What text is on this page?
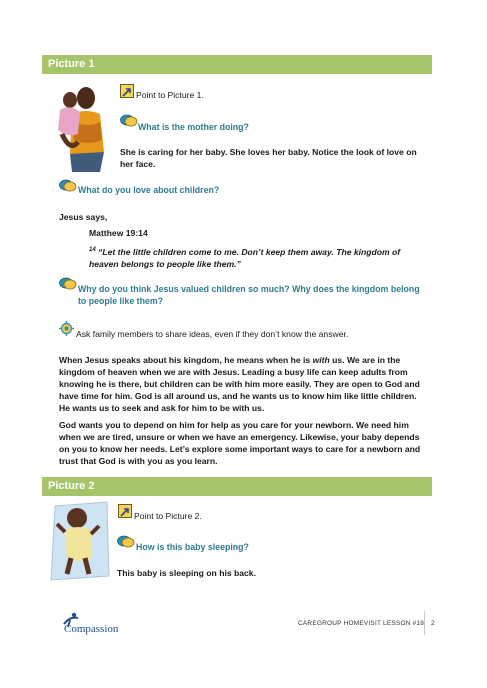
Picture 1
Point to Picture 1.
What is the mother doing?
She is caring for her baby. She loves her baby. Notice the look of love on her face.
What do you love about children?
Jesus says,
Matthew 19:14
$^{14}$ “Let the little children come to me. Don’t keep them away. The kingdom of heaven belongs to people like them.”
Why do you think Jesus valued children so much? Why does the kingdom belong to people like them?
Ask family members to share ideas, even if they don’t know the answer.
When Jesus speaks about his kingdom, he means when he is with us. We are in the kingdom of heaven when we are with Jesus. Leading a busy life can keep adults from knowing he is there, but children can be with him more easily. They are open to God and have time for him. God is all around us, and he wants us to know him like little children. He wants us to seek and ask for him to be with us.
God wants you to depend on him for help as you care for your newborn. We need him when we are tired, unsure or when we have an emergency. Likewise, your baby depends on you to know her needs. Let’s explore some important ways to care for a newborn and trust that God is with you as you learn.
Picture 2
Point to Picture 2.
How is this baby sleeping?
This baby is sleeping on his back.
Compassion	CAREGROUP HOMEVISIT LESSON #18 2
